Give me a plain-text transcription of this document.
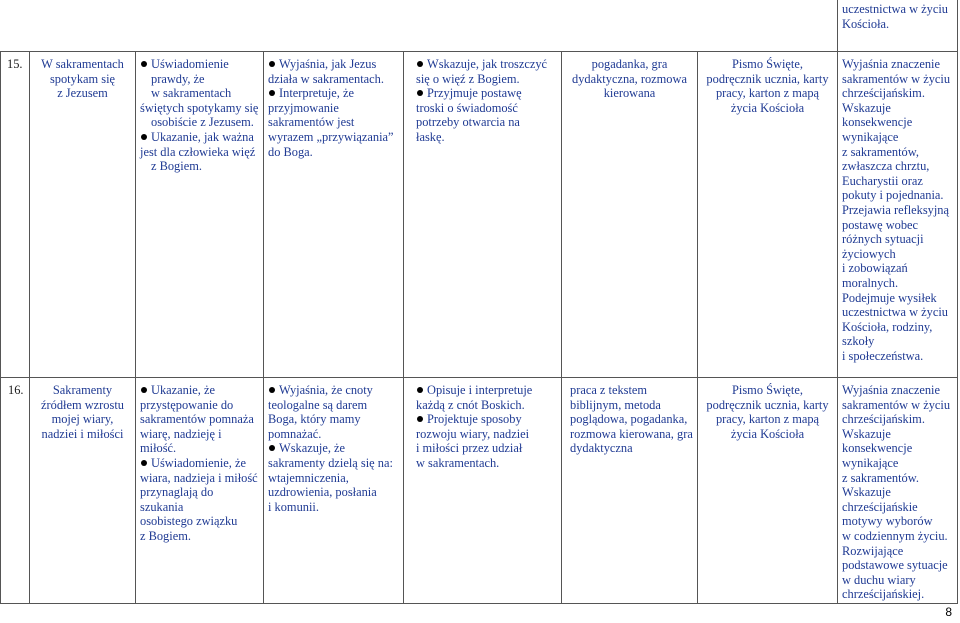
uczestnictwa w życiu
Kościoła.
15.	W sakramentach
spotykam się
z Jezusem
Uświadomienie
prawdy, że
w sakramentach
świętych spotykamy się
osobiście z Jezusem.
Ukazanie, jak ważna
jest dla człowieka więź
z Bogiem.
Wyjaśnia, jak Jezus
działa w sakramentach.
Interpretuje, że
przyjmowanie
sakramentów jest
wyrazem „przywiązania”
do Boga.
Wskazuje, jak troszczyć
się o więź z Bogiem.
Przyjmuje postawę
troski o świadomość
potrzeby otwarcia na
łaskę.
pogadanka, gra
dydaktyczna, rozmowa
kierowana
Pismo Święte,
podręcznik ucznia, karty
pracy, karton z mapą
życia Kościoła
Wyjaśnia znaczenie
sakramentów w życiu
chrześcijańskim.
Wskazuje
konsekwencje
wynikające
z sakramentów,
zwłaszcza chrztu,
Eucharystii oraz
pokuty i pojednania.
Przejawia refleksyjną
postawę wobec
różnych sytuacji
życiowych
i zobowiązań
moralnych.
Podejmuje wysiłek
uczestnictwa w życiu
Kościoła, rodziny,
szkoły
i społeczeństwa.
16.	Sakramenty
źródłem wzrostu
mojej wiary,
nadziei i miłości
Ukazanie, że
przystępowanie do
sakramentów pomnaża
wiarę, nadzieję i miłość.
Uświadomienie, że
wiara, nadzieja i miłość
przynaglają do szukania
osobistego związku
z Bogiem.
Wyjaśnia, że cnoty
teologalne są darem
Boga, który mamy
pomnażać.
Wskazuje, że
sakramenty dzielą się na:
wtajemniczenia,
uzdrowienia, posłania
i komunii.
Opisuje i interpretuje
każdą z cnót Boskich.
Projektuje sposoby
rozwoju wiary, nadziei
i miłości przez udział
w sakramentach.
praca z tekstem
biblijnym, metoda
poglądowa, pogadanka,
rozmowa kierowana, gra
dydaktyczna
Pismo Święte,
podręcznik ucznia, karty
pracy, karton z mapą
życia Kościoła
Wyjaśnia znaczenie
sakramentów w życiu
chrześcijańskim.
Wskazuje
konsekwencje
wynikające
z sakramentów.
Wskazuje
chrześcijańskie
motywy wyborów
w codziennym życiu.
Rozwijające
podstawowe sytuacje
w duchu wiary
chrześcijańskiej.
8
